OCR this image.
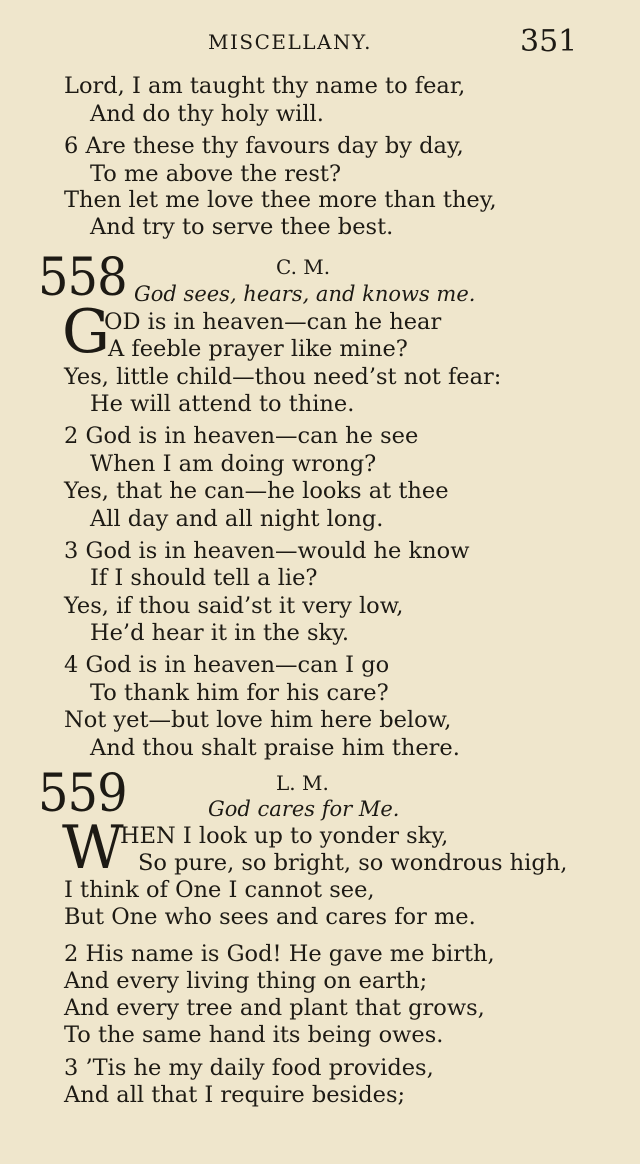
MISCELLANY.	351
Lord, I am taught thy name to fear,
And do thy holy will.
6 Are these thy favours day by day,
To me above the rest?
Then let me love thee more than they,
And try to serve thee best.
558	C. M.
God sees, hears, and knows me.
G
OD is in heaven—can he hear
A feeble prayer like mine?
Yes, little child—thou need’st not fear:
He will attend to thine.
2 God is in heaven—can he see
When I am doing wrong?
Yes, that he can—he looks at thee
All day and all night long.
3 God is in heaven—would he know
If I should tell a lie?
Yes, if thou said’st it very low,
He’d hear it in the sky.
4 God is in heaven—can I go
To thank him for his care?
Not yet—but love him here below,
And thou shalt praise him there.
559	L. M.
God cares for Me.
W
HEN I look up to yonder sky,
So pure, so bright, so wondrous high,
I think of One I cannot see,
But One who sees and cares for me.
2 His name is God! He gave me birth,
And every living thing on earth;
And every tree and plant that grows,
To the same hand its being owes.
3 ’Tis he my daily food provides,
And all that I require besides;
